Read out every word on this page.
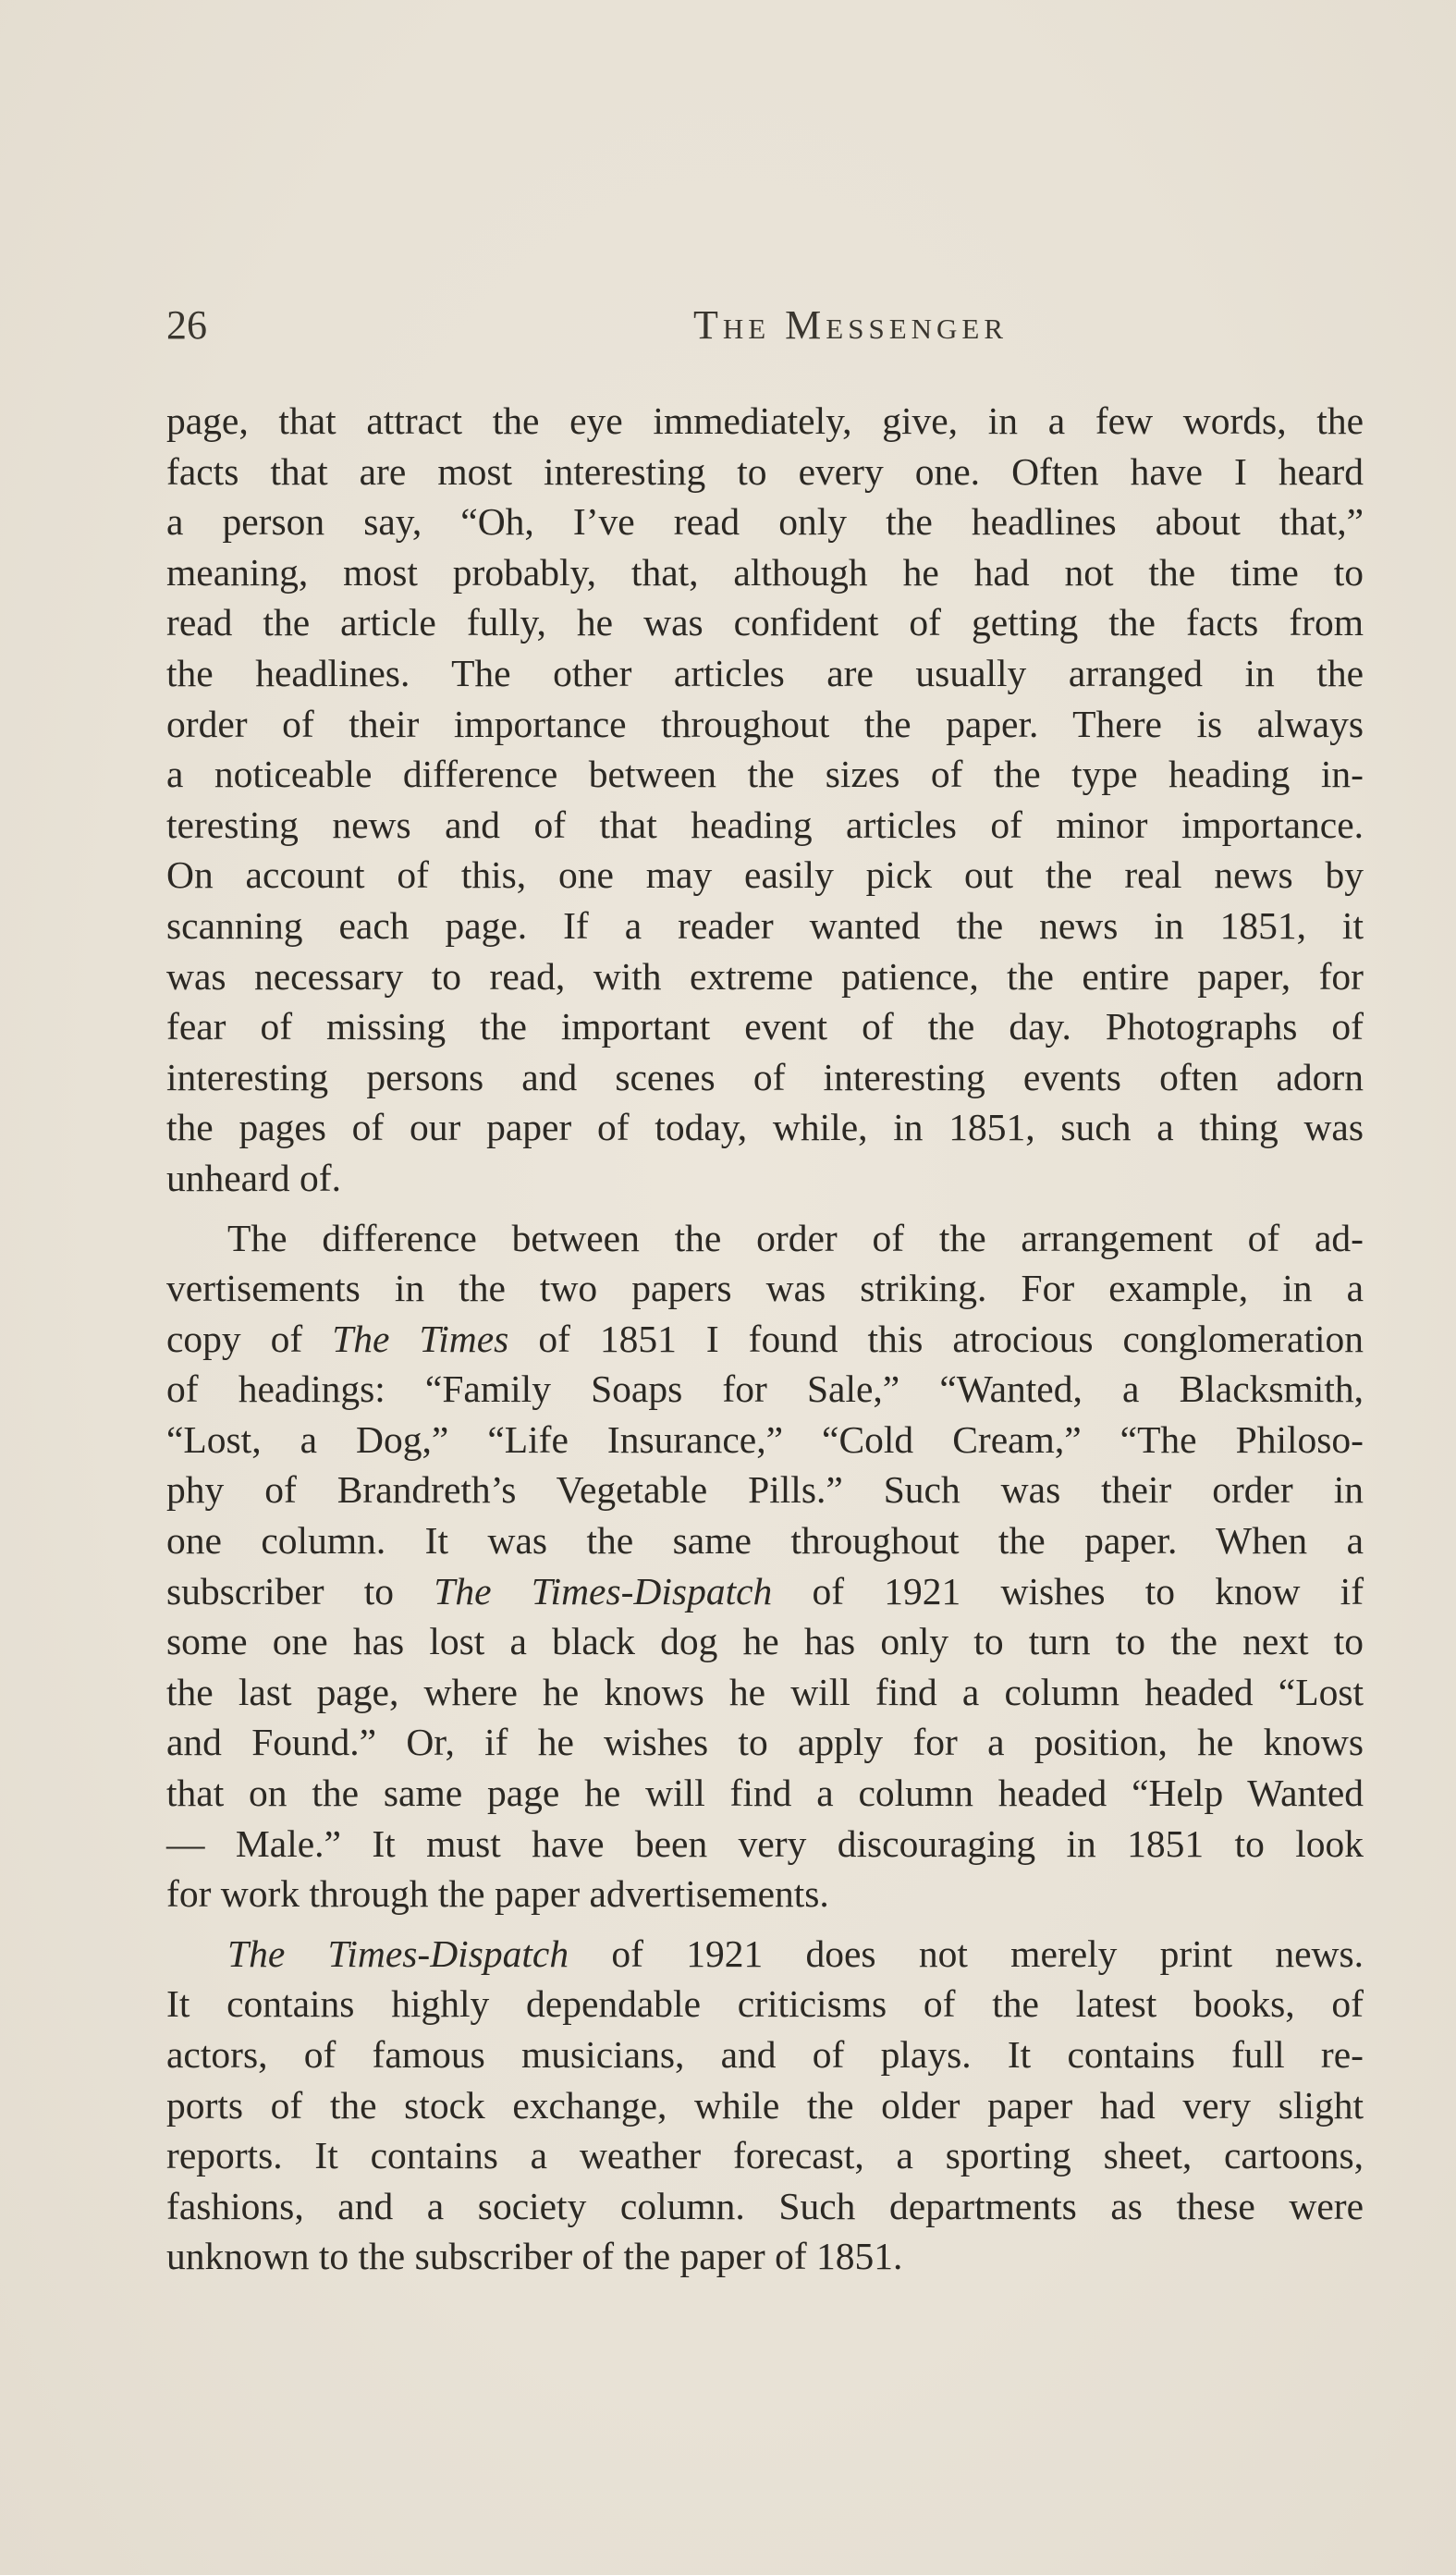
26	The Messenger
page, that attract the eye immediately, give, in a few words, the
facts that are most interesting to every one. Often have I heard
a person say, “Oh, I’ve read only the headlines about that,”
meaning, most probably, that, although he had not the time to
read the article fully, he was confident of getting the facts from
the headlines. The other articles are usually arranged in the
order of their importance throughout the paper. There is always
a noticeable difference between the sizes of the type heading in-
teresting news and of that heading articles of minor importance.
On account of this, one may easily pick out the real news by
scanning each page. If a reader wanted the news in 1851, it
was necessary to read, with extreme patience, the entire paper, for
fear of missing the important event of the day. Photographs of
interesting persons and scenes of interesting events often adorn
the pages of our paper of today, while, in 1851, such a thing was
unheard of.
The difference between the order of the arrangement of ad-
vertisements in the two papers was striking. For example, in a
copy of The Times of 1851 I found this atrocious conglomeration
of headings: “Family Soaps for Sale,” “Wanted, a Blacksmith,
“Lost, a Dog,” “Life Insurance,” “Cold Cream,” “The Philoso-
phy of Brandreth’s Vegetable Pills.” Such was their order in
one column. It was the same throughout the paper. When a
subscriber to The Times-Dispatch of 1921 wishes to know if
some one has lost a black dog he has only to turn to the next to
the last page, where he knows he will find a column headed “Lost
and Found.” Or, if he wishes to apply for a position, he knows
that on the same page he will find a column headed “Help Wanted
— Male.” It must have been very discouraging in 1851 to look
for work through the paper advertisements.
The Times-Dispatch of 1921 does not merely print news.
It contains highly dependable criticisms of the latest books, of
actors, of famous musicians, and of plays. It contains full re-
ports of the stock exchange, while the older paper had very slight
reports. It contains a weather forecast, a sporting sheet, cartoons,
fashions, and a society column. Such departments as these were
unknown to the subscriber of the paper of 1851.
